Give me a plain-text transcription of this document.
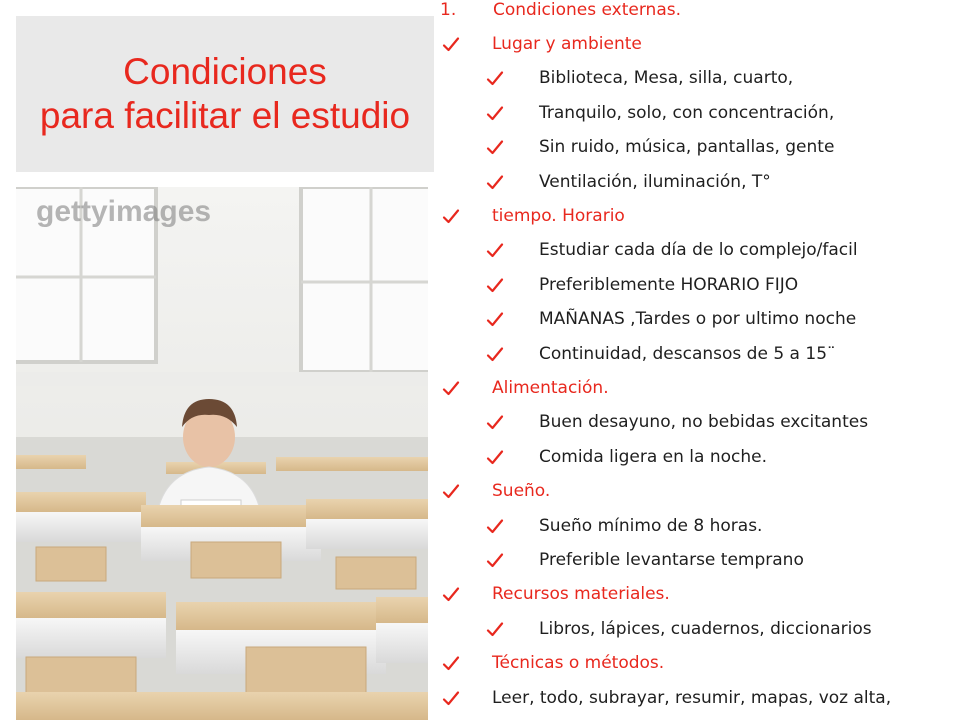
Condiciones
para facilitar el estudio
gettyimages
1. Condiciones externas.
Lugar y ambiente
Biblioteca, Mesa, silla, cuarto,
Tranquilo, solo, con concentración,
Sin ruido, música, pantallas, gente
Ventilación, iluminación, T°
tiempo. Horario
Estudiar cada día de lo complejo/facil
Preferiblemente HORARIO FIJO
MAÑANAS ,Tardes o por ultimo noche
Continuidad, descansos de 5 a 15¨
Alimentación.
Buen desayuno, no bebidas excitantes
Comida ligera en la noche.
Sueño.
Sueño mínimo de 8 horas.
Preferible levantarse temprano
Recursos materiales.
Libros, lápices, cuadernos, diccionarios
Técnicas o métodos.
Leer, todo, subrayar, resumir, mapas, voz alta,
